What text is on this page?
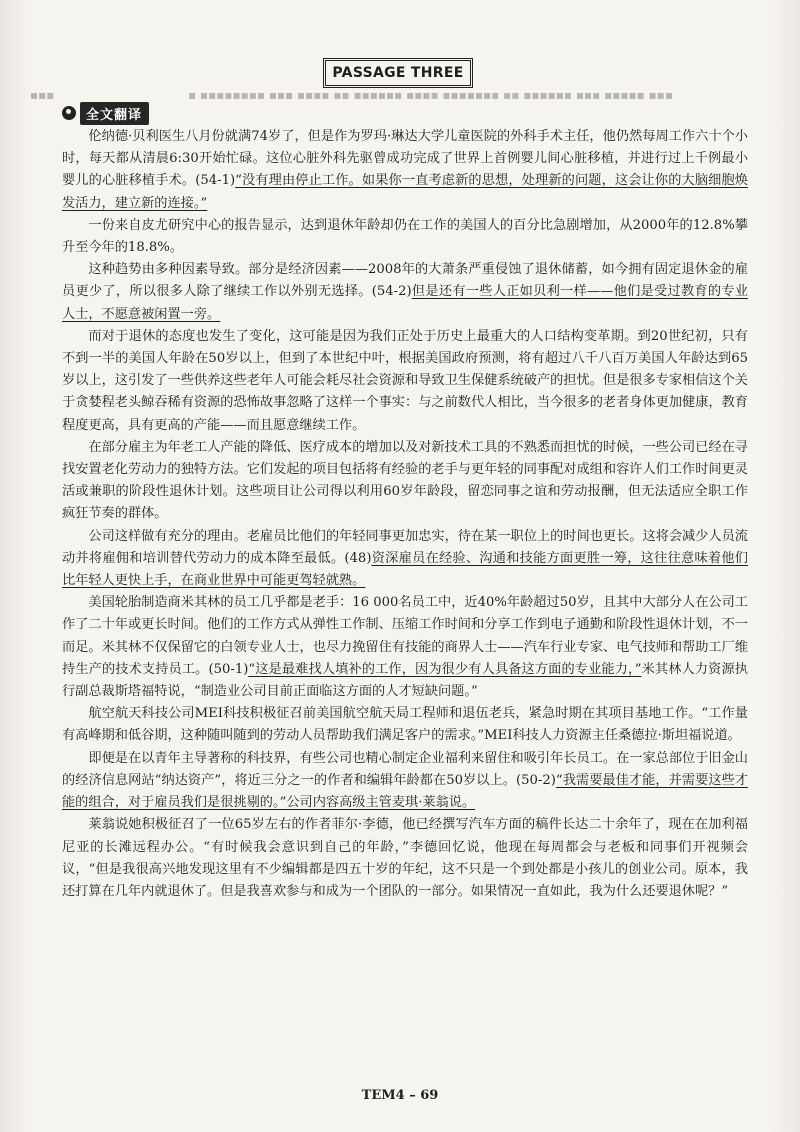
▪▪▪	▪ ▪▪▪▪▪▪▪▪ ▪▪▪ ▪▪▪▪ ▪▪ ▪▪▪▪▪▪ ▪▪▪▪ ▪▪▪▪▪▪▪ ▪▪ ▪▪▪▪▪▪ ▪▪▪ ▪▪▪▪▪ ▪▪▪
PASSAGE THREE
全文翻译

伦纳德·贝利医生八月份就满74岁了，但是作为罗玛·琳达大学儿童医院的外科手术主任，他仍然每周工作六十个小时，每天都从清晨6:30开始忙碌。这位心脏外科先驱曾成功完成了世界上首例婴儿间心脏移植，并进行过上千例最小婴儿的心脏移植手术。(54-1)“没有理由停止工作。如果你一直考虑新的思想，处理新的问题，这会让你的大脑细胞焕发活力，建立新的连接。”

一份来自皮尤研究中心的报告显示，达到退休年龄却仍在工作的美国人的百分比急剧增加，从2000年的12.8%攀升至今年的18.8%。

这种趋势由多种因素导致。部分是经济因素——2008年的大萧条严重侵蚀了退休储蓄，如今拥有固定退休金的雇员更少了，所以很多人除了继续工作以外别无选择。(54-2)但是还有一些人正如贝利一样——他们是受过教育的专业人士，不愿意被闲置一旁。

而对于退休的态度也发生了变化，这可能是因为我们正处于历史上最重大的人口结构变革期。到20世纪初，只有不到一半的美国人年龄在50岁以上，但到了本世纪中叶，根据美国政府预测，将有超过八千八百万美国人年龄达到65岁以上，这引发了一些供养这些老年人可能会耗尽社会资源和导致卫生保健系统破产的担忧。但是很多专家相信这个关于贪婪程老头鲸吞稀有资源的恐怖故事忽略了这样一个事实：与之前数代人相比，当今很多的老者身体更加健康，教育程度更高，具有更高的产能——而且愿意继续工作。

在部分雇主为年老工人产能的降低、医疗成本的增加以及对新技术工具的不熟悉而担忧的时候，一些公司已经在寻找安置老化劳动力的独特方法。它们发起的项目包括将有经验的老手与更年轻的同事配对成组和容许人们工作时间更灵活或兼职的阶段性退休计划。这些项目让公司得以利用60岁年龄段，留恋同事之谊和劳动报酬，但无法适应全职工作疯狂节奏的群体。

公司这样做有充分的理由。老雇员比他们的年轻同事更加忠实，待在某一职位上的时间也更长。这将会减少人员流动并将雇佣和培训替代劳动力的成本降至最低。(48)资深雇员在经验、沟通和技能方面更胜一筹，这往往意味着他们比年轻人更快上手，在商业世界中可能更驾轻就熟。

美国轮胎制造商米其林的员工几乎都是老手：16 000名员工中，近40%年龄超过50岁，且其中大部分人在公司工作了二十年或更长时间。他们的工作方式从弹性工作制、压缩工作时间和分享工作到电子通勤和阶段性退休计划，不一而足。米其林不仅保留它的白领专业人士，也尽力挽留住有技能的商界人士——汽车行业专家、电气技师和帮助工厂维持生产的技术支持员工。(50-1)“这是最难找人填补的工作，因为很少有人具备这方面的专业能力，”米其林人力资源执行副总裁斯塔福特说，“制造业公司目前正面临这方面的人才短缺问题。”

航空航天科技公司MEI科技积极征召前美国航空航天局工程师和退伍老兵，紧急时期在其项目基地工作。“工作量有高峰期和低谷期，这种随叫随到的劳动人员帮助我们满足客户的需求。”MEI科技人力资源主任桑德拉·斯坦福说道。

即便是在以青年主导著称的科技界，有些公司也精心制定企业福利来留住和吸引年长员工。在一家总部位于旧金山的经济信息网站“纳达资产”，将近三分之一的作者和编辑年龄都在50岁以上。(50-2)“我需要最佳才能，并需要这些才能的组合，对于雇员我们是很挑剔的。”公司内容高级主管麦琪·莱翁说。

莱翁说她积极征召了一位65岁左右的作者菲尔·李德，他已经撰写汽车方面的稿件长达二十余年了，现在在加利福尼亚的长滩远程办公。“有时候我会意识到自己的年龄，”李德回忆说，他现在每周都会与老板和同事们开视频会议，“但是我很高兴地发现这里有不少编辑都是四五十岁的年纪，这不只是一个到处都是小孩儿的创业公司。原本，我还打算在几年内就退休了。但是我喜欢参与和成为一个团队的一部分。如果情况一直如此，我为什么还要退休呢？”

TEM4 – 69
